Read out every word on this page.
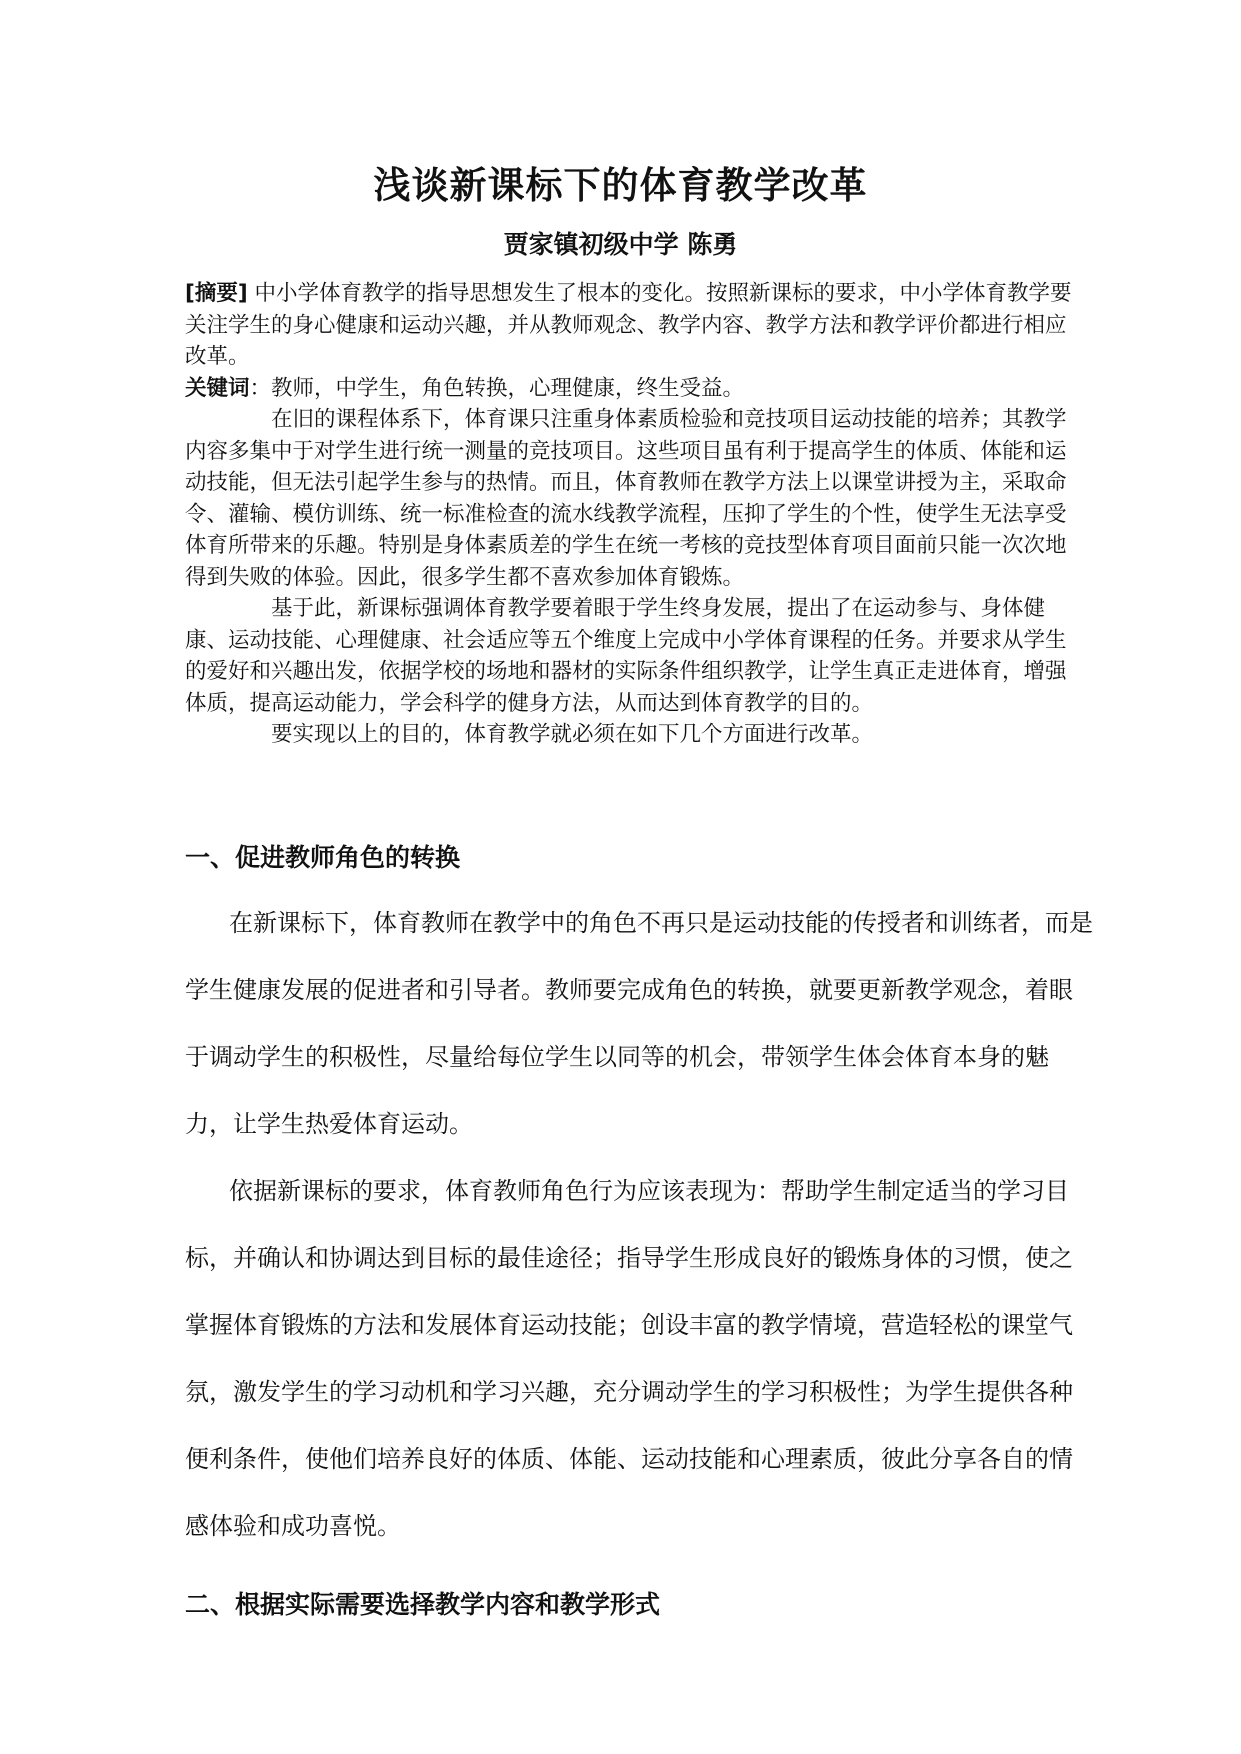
浅谈新课标下的体育教学改革
贾家镇初级中学 陈勇

[摘要] 中小学体育教学的指导思想发生了根本的变化。按照新课标的要求，中小学体育教学要关注学生的身心健康和运动兴趣，并从教师观念、教学内容、教学方法和教学评价都进行相应改革。

关键词：教师，中学生，角色转换，心理健康，终生受益。

在旧的课程体系下，体育课只注重身体素质检验和竞技项目运动技能的培养；其教学内容多集中于对学生进行统一测量的竞技项目。这些项目虽有利于提高学生的体质、体能和运动技能，但无法引起学生参与的热情。而且，体育教师在教学方法上以课堂讲授为主，采取命令、灌输、模仿训练、统一标准检查的流水线教学流程，压抑了学生的个性，使学生无法享受体育所带来的乐趣。特别是身体素质差的学生在统一考核的竞技型体育项目面前只能一次次地得到失败的体验。因此，很多学生都不喜欢参加体育锻炼。

基于此，新课标强调体育教学要着眼于学生终身发展，提出了在运动参与、身体健康、运动技能、心理健康、社会适应等五个维度上完成中小学体育课程的任务。并要求从学生的爱好和兴趣出发，依据学校的场地和器材的实际条件组织教学，让学生真正走进体育，增强体质，提高运动能力，学会科学的健身方法，从而达到体育教学的目的。

要实现以上的目的，体育教学就必须在如下几个方面进行改革。

一、促进教师角色的转换

在新课标下，体育教师在教学中的角色不再只是运动技能的传授者和训练者，而是学生健康发展的促进者和引导者。教师要完成角色的转换，就要更新教学观念，着眼于调动学生的积极性，尽量给每位学生以同等的机会，带领学生体会体育本身的魅力，让学生热爱体育运动。

依据新课标的要求，体育教师角色行为应该表现为：帮助学生制定适当的学习目标，并确认和协调达到目标的最佳途径；指导学生形成良好的锻炼身体的习惯，使之掌握体育锻炼的方法和发展体育运动技能；创设丰富的教学情境，营造轻松的课堂气氛，激发学生的学习动机和学习兴趣，充分调动学生的学习积极性；为学生提供各种便利条件，使他们培养良好的体质、体能、运动技能和心理素质，彼此分享各自的情感体验和成功喜悦。

二、根据实际需要选择教学内容和教学形式
